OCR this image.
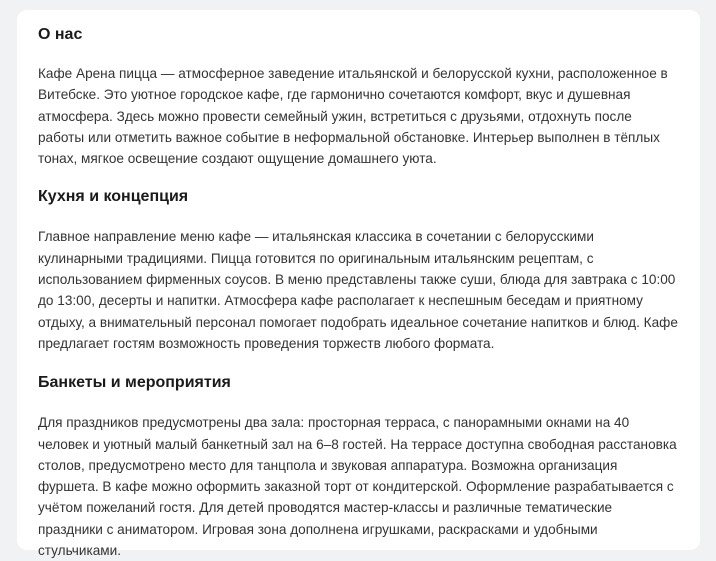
О нас

Кафе Арена пицца — атмосферное заведение итальянской и белорусской кухни, расположенное в Витебске. Это уютное городское кафе, где гармонично сочетаются комфорт, вкус и душевная атмосфера. Здесь можно провести семейный ужин, встретиться с друзьями, отдохнуть после работы или отметить важное событие в неформальной обстановке. Интерьер выполнен в тёплых тонах, мягкое освещение создают ощущение домашнего уюта.

Кухня и концепция

Главное направление меню кафе — итальянская классика в сочетании с белорусскими кулинарными традициями. Пицца готовится по оригинальным итальянским рецептам, с использованием фирменных соусов. В меню представлены также суши, блюда для завтрака с 10:00 до 13:00, десерты и напитки. Атмосфера кафе располагает к неспешным беседам и приятному отдыху, а внимательный персонал помогает подобрать идеальное сочетание напитков и блюд. Кафе предлагает гостям возможность проведения торжеств любого формата.

Банкеты и мероприятия

Для праздников предусмотрены два зала: просторная терраса, с панорамными окнами на 40 человек и уютный малый банкетный зал на 6–8 гостей. На террасе доступна свободная расстановка столов, предусмотрено место для танцпола и звуковая аппаратура. Возможна организация фуршета. В кафе можно оформить заказной торт от кондитерской. Оформление разрабатывается с учётом пожеланий гостя. Для детей проводятся мастер-классы и различные тематические праздники с аниматором. Игровая зона дополнена игрушками, раскрасками и удобными стульчиками.
